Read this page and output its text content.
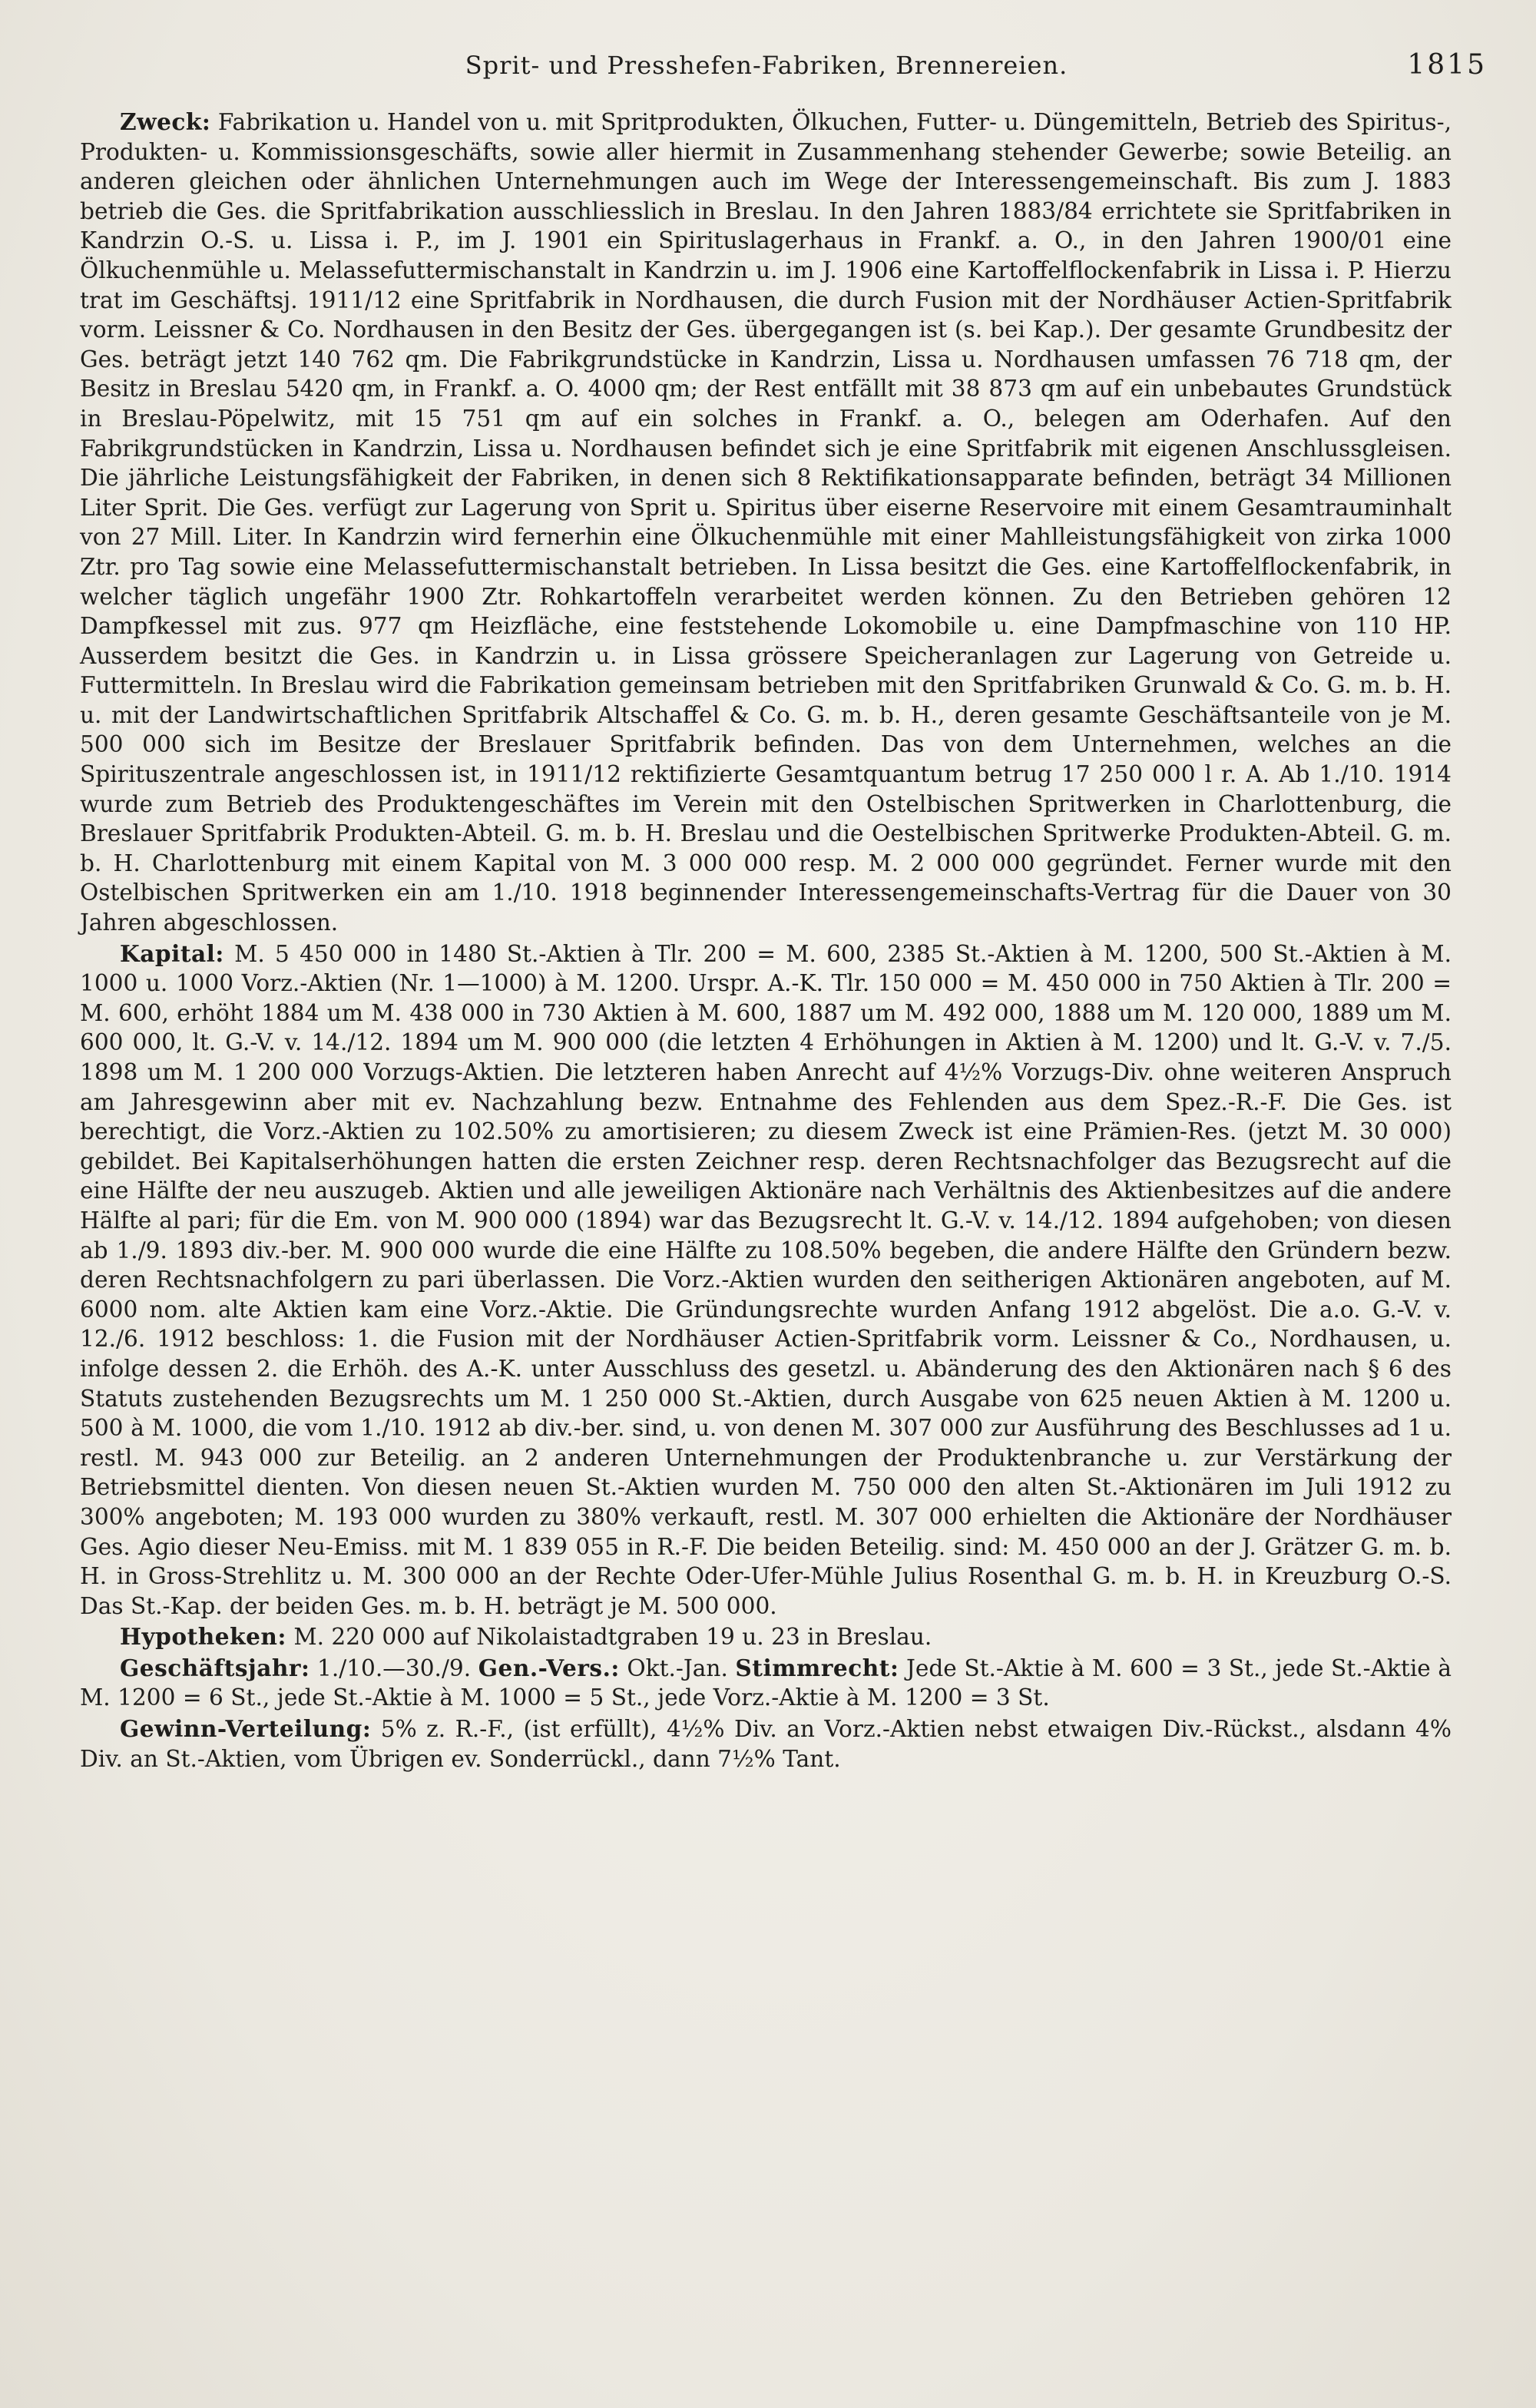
Sprit- und Presshefen-Fabriken, Brennereien.	1815

Zweck: Fabrikation u. Handel von u. mit Spritprodukten, Ölkuchen, Futter- u. Düngemitteln, Betrieb des Spiritus-, Produkten- u. Kommissionsgeschäfts, sowie aller hiermit in Zusammenhang stehender Gewerbe; sowie Beteilig. an anderen gleichen oder ähnlichen Unternehmungen auch im Wege der Interessengemeinschaft. Bis zum J. 1883 betrieb die Ges. die Spritfabrikation ausschliesslich in Breslau. In den Jahren 1883/84 errichtete sie Spritfabriken in Kandrzin O.-S. u. Lissa i. P., im J. 1901 ein Spirituslagerhaus in Frankf. a. O., in den Jahren 1900/01 eine Ölkuchenmühle u. Melassefuttermischanstalt in Kandrzin u. im J. 1906 eine Kartoffelflockenfabrik in Lissa i. P. Hierzu trat im Geschäftsj. 1911/12 eine Spritfabrik in Nordhausen, die durch Fusion mit der Nordhäuser Actien-Spritfabrik vorm. Leissner & Co. Nordhausen in den Besitz der Ges. übergegangen ist (s. bei Kap.). Der gesamte Grundbesitz der Ges. beträgt jetzt 140 762 qm. Die Fabrikgrundstücke in Kandrzin, Lissa u. Nordhausen umfassen 76 718 qm, der Besitz in Breslau 5420 qm, in Frankf. a. O. 4000 qm; der Rest entfällt mit 38 873 qm auf ein unbebautes Grundstück in Breslau-Pöpelwitz, mit 15 751 qm auf ein solches in Frankf. a. O., belegen am Oderhafen. Auf den Fabrikgrundstücken in Kandrzin, Lissa u. Nordhausen befindet sich je eine Spritfabrik mit eigenen Anschlussgleisen. Die jährliche Leistungsfähigkeit der Fabriken, in denen sich 8 Rektifikationsapparate befinden, beträgt 34 Millionen Liter Sprit. Die Ges. verfügt zur Lagerung von Sprit u. Spiritus über eiserne Reservoire mit einem Gesamtrauminhalt von 27 Mill. Liter. In Kandrzin wird fernerhin eine Ölkuchenmühle mit einer Mahlleistungsfähigkeit von zirka 1000 Ztr. pro Tag sowie eine Melassefuttermischanstalt betrieben. In Lissa besitzt die Ges. eine Kartoffelflockenfabrik, in welcher täglich ungefähr 1900 Ztr. Rohkartoffeln verarbeitet werden können. Zu den Betrieben gehören 12 Dampfkessel mit zus. 977 qm Heizfläche, eine feststehende Lokomobile u. eine Dampfmaschine von 110 HP. Ausserdem besitzt die Ges. in Kandrzin u. in Lissa grössere Speicheranlagen zur Lagerung von Getreide u. Futtermitteln. In Breslau wird die Fabrikation gemeinsam betrieben mit den Spritfabriken Grunwald & Co. G. m. b. H. u. mit der Landwirtschaftlichen Spritfabrik Altschaffel & Co. G. m. b. H., deren gesamte Geschäftsanteile von je M. 500 000 sich im Besitze der Breslauer Spritfabrik befinden. Das von dem Unternehmen, welches an die Spirituszentrale angeschlossen ist, in 1911/12 rektifizierte Gesamtquantum betrug 17 250 000 l r. A. Ab 1./10. 1914 wurde zum Betrieb des Produktengeschäftes im Verein mit den Ostelbischen Spritwerken in Charlottenburg, die Breslauer Spritfabrik Produkten-Abteil. G. m. b. H. Breslau und die Oestelbischen Spritwerke Produkten-Abteil. G. m. b. H. Charlottenburg mit einem Kapital von M. 3 000 000 resp. M. 2 000 000 gegründet. Ferner wurde mit den Ostelbischen Spritwerken ein am 1./10. 1918 beginnender Interessengemeinschafts-Vertrag für die Dauer von 30 Jahren abgeschlossen.

Kapital: M. 5 450 000 in 1480 St.-Aktien à Tlr. 200 = M. 600, 2385 St.-Aktien à M. 1200, 500 St.-Aktien à M. 1000 u. 1000 Vorz.-Aktien (Nr. 1—1000) à M. 1200. Urspr. A.-K. Tlr. 150 000 = M. 450 000 in 750 Aktien à Tlr. 200 = M. 600, erhöht 1884 um M. 438 000 in 730 Aktien à M. 600, 1887 um M. 492 000, 1888 um M. 120 000, 1889 um M. 600 000, lt. G.-V. v. 14./12. 1894 um M. 900 000 (die letzten 4 Erhöhungen in Aktien à M. 1200) und lt. G.-V. v. 7./5. 1898 um M. 1 200 000 Vorzugs-Aktien. Die letzteren haben Anrecht auf 4½% Vorzugs-Div. ohne weiteren Anspruch am Jahresgewinn aber mit ev. Nachzahlung bezw. Entnahme des Fehlenden aus dem Spez.-R.-F. Die Ges. ist berechtigt, die Vorz.-Aktien zu 102.50% zu amortisieren; zu diesem Zweck ist eine Prämien-Res. (jetzt M. 30 000) gebildet. Bei Kapitalserhöhungen hatten die ersten Zeichner resp. deren Rechtsnachfolger das Bezugsrecht auf die eine Hälfte der neu auszugeb. Aktien und alle jeweiligen Aktionäre nach Verhältnis des Aktienbesitzes auf die andere Hälfte al pari; für die Em. von M. 900 000 (1894) war das Bezugsrecht lt. G.-V. v. 14./12. 1894 aufgehoben; von diesen ab 1./9. 1893 div.-ber. M. 900 000 wurde die eine Hälfte zu 108.50% begeben, die andere Hälfte den Gründern bezw. deren Rechtsnachfolgern zu pari überlassen. Die Vorz.-Aktien wurden den seitherigen Aktionären angeboten, auf M. 6000 nom. alte Aktien kam eine Vorz.-Aktie. Die Gründungsrechte wurden Anfang 1912 abgelöst. Die a.o. G.-V. v. 12./6. 1912 beschloss: 1. die Fusion mit der Nordhäuser Actien-Spritfabrik vorm. Leissner & Co., Nordhausen, u. infolge dessen 2. die Erhöh. des A.-K. unter Ausschluss des gesetzl. u. Abänderung des den Aktionären nach § 6 des Statuts zustehenden Bezugsrechts um M. 1 250 000 St.-Aktien, durch Ausgabe von 625 neuen Aktien à M. 1200 u. 500 à M. 1000, die vom 1./10. 1912 ab div.-ber. sind, u. von denen M. 307 000 zur Ausführung des Beschlusses ad 1 u. restl. M. 943 000 zur Beteilig. an 2 anderen Unternehmungen der Produktenbranche u. zur Verstärkung der Betriebsmittel dienten. Von diesen neuen St.-Aktien wurden M. 750 000 den alten St.-Aktionären im Juli 1912 zu 300% angeboten; M. 193 000 wurden zu 380% verkauft, restl. M. 307 000 erhielten die Aktionäre der Nordhäuser Ges. Agio dieser Neu-Emiss. mit M. 1 839 055 in R.-F. Die beiden Beteilig. sind: M. 450 000 an der J. Grätzer G. m. b. H. in Gross-Strehlitz u. M. 300 000 an der Rechte Oder-Ufer-Mühle Julius Rosenthal G. m. b. H. in Kreuzburg O.-S. Das St.-Kap. der beiden Ges. m. b. H. beträgt je M. 500 000.

Hypotheken: M. 220 000 auf Nikolaistadtgraben 19 u. 23 in Breslau.

Geschäftsjahr: 1./10.—30./9. Gen.-Vers.: Okt.-Jan. Stimmrecht: Jede St.-Aktie à M. 600 = 3 St., jede St.-Aktie à M. 1200 = 6 St., jede St.-Aktie à M. 1000 = 5 St., jede Vorz.-Aktie à M. 1200 = 3 St.

Gewinn-Verteilung: 5% z. R.-F., (ist erfüllt), 4½% Div. an Vorz.-Aktien nebst etwaigen Div.-Rückst., alsdann 4% Div. an St.-Aktien, vom Übrigen ev. Sonderrückl., dann 7½% Tant.
